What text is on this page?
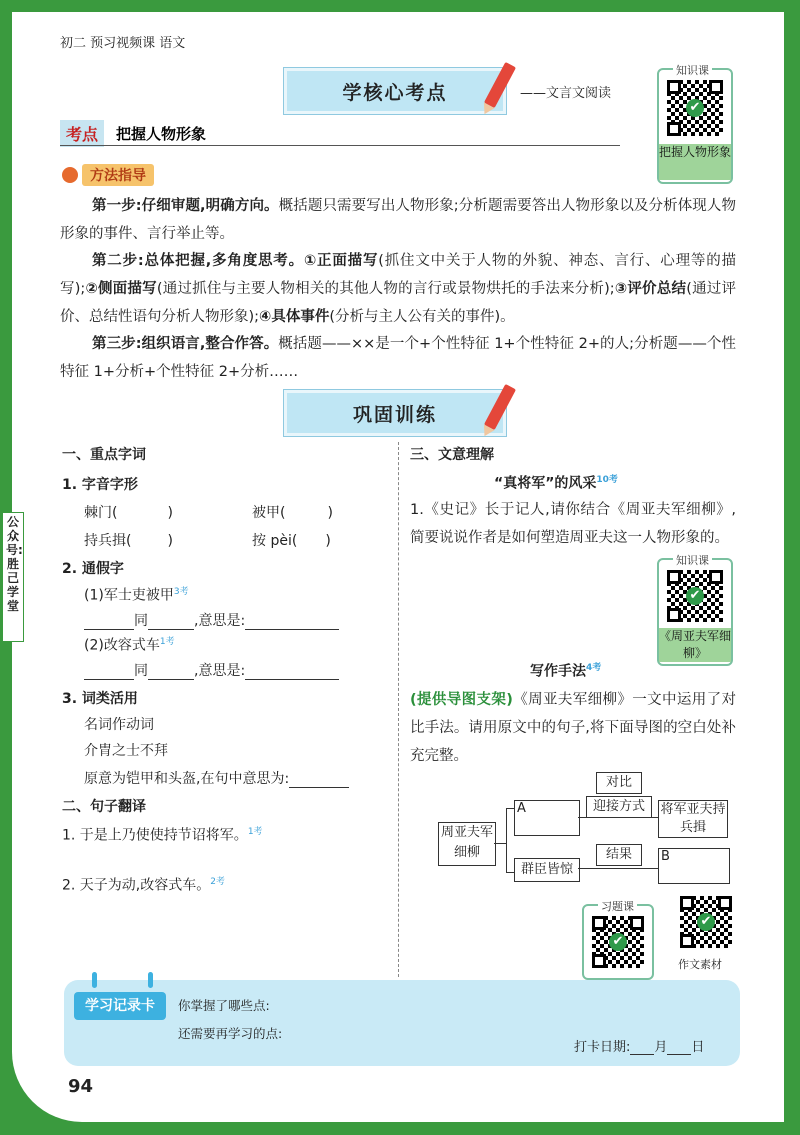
初二 预习视频课 语文
学核心考点	——文言文阅读
知识课
✔
把握人物形象
考点	把握人物形象
方法指导
第一步:仔细审题,明确方向。概括题只需要写出人物形象;分析题需要答出人物形象以及分析体现人物形象的事件、言行举止等。
第二步:总体把握,多角度思考。①正面描写(抓住文中关于人物的外貌、神态、言行、心理等的描写);②侧面描写(通过抓住与主要人物相关的其他人物的言行或景物烘托的手法来分析);③评价总结(通过评价、总结性语句分析人物形象);④具体事件(分析与主人公有关的事件)。
第三步:组织语言,整合作答。概括题——××是一个+个性特征 1+个性特征 2+的人;分析题——个性特征 1+分析+个性特征 2+分析……
巩固训练
一、重点字词
1. 字音字形
棘门(	)	被甲(	)
持兵揖(	)	按 pèi( )
2. 通假字
(1)军士吏被甲$^{3考}$
同	,意思是:
(2)改容式车$^{1考}$
同	,意思是:
3. 词类活用
名词作动词
介胄之士不拜
原意为铠甲和头盔,在句中意思为:
二、句子翻译
1. 于是上乃使使持节诏将军。$^{1考}$
2. 天子为动,改容式车。$^{2考}$
三、文意理解
“真将军”的风采$^{10考}$
1.《史记》长于记人,请你结合《周亚夫军细柳》,简要说说作者是如何塑造周亚夫这一人物形象的。
知识课
✔
《周亚夫军细柳》
写作手法$^{4考}$
(提供导图支架)《周亚夫军细柳》一文中运用了对比手法。请用原文中的句子,将下面导图的空白处补充完整。
周亚夫军细柳
A
群臣皆惊
对比
迎接方式	将军亚夫持兵揖
结果	B
习题课
✔
✔
作文素材
学习记录卡	你掌握了哪些点:
还需要再学习的点:
打卡日期: 月 日
94
公众号:胜己学堂
